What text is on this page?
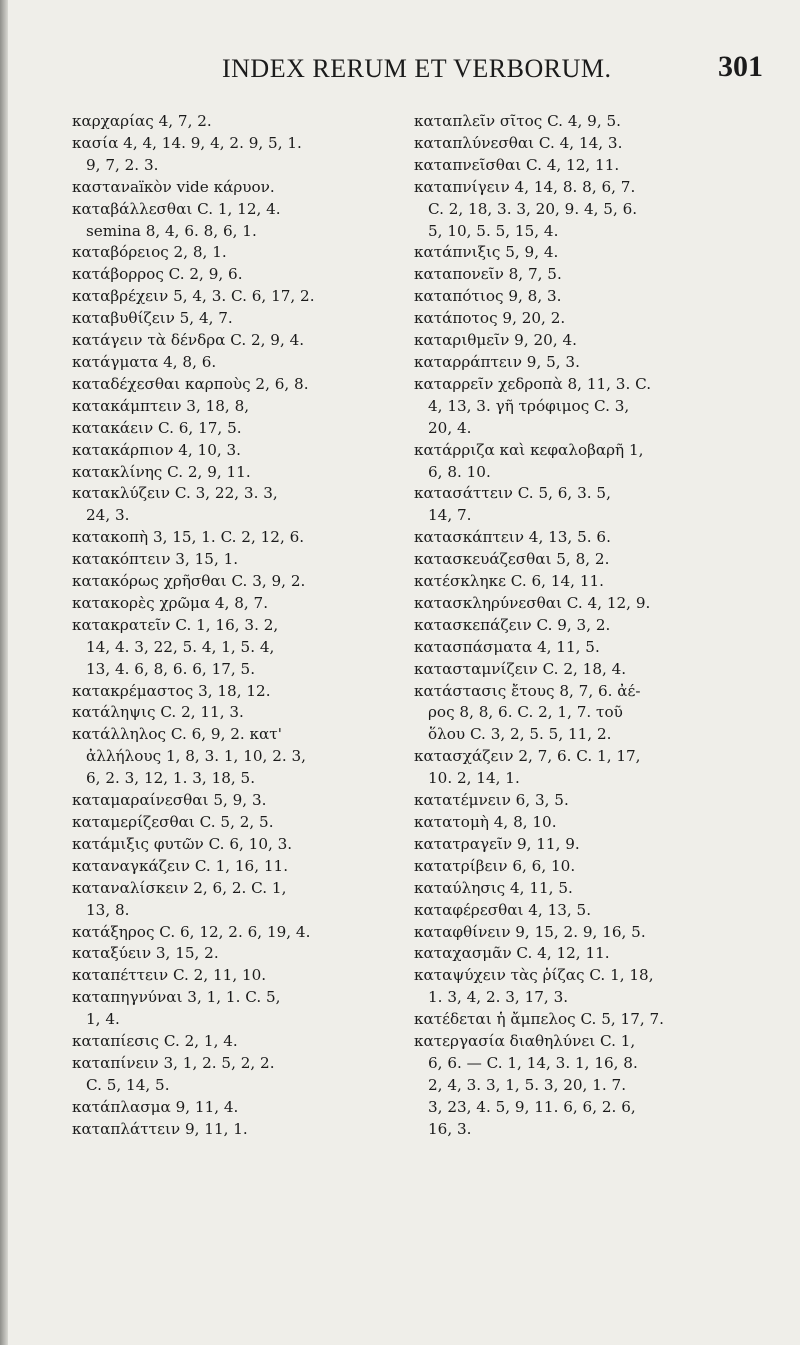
INDEX RERUM ET VERBORUM.	301
καρχαρίας 4, 7, 2.
κασία 4, 4, 14. 9, 4, 2. 9, 5, 1.
9, 7, 2. 3.
καστανaïκὸν vide κάρυον.
καταβάλλεσθαι C. 1, 12, 4.
semina 8, 4, 6. 8, 6, 1.
καταβόρειος 2, 8, 1.
κατάβορρος C. 2, 9, 6.
καταβρέχειν 5, 4, 3. C. 6, 17, 2.
καταβυθίζειν 5, 4, 7.
κατάγειν τὰ δένδρα C. 2, 9, 4.
κατάγματα 4, 8, 6.
καταδέχεσθαι καρποὺς 2, 6, 8.
κατακάμπτειν 3, 18, 8,
κατακάειν C. 6, 17, 5.
κατακάρπιον 4, 10, 3.
κατακλίνης C. 2, 9, 11.
κατακλύζειν C. 3, 22, 3. 3,
24, 3.
κατακοπὴ 3, 15, 1. C. 2, 12, 6.
κατακόπτειν 3, 15, 1.
κατακόρως χρῆσθαι C. 3, 9, 2.
κατακορὲς χρῶμα 4, 8, 7.
κατακρατεῖν C. 1, 16, 3. 2,
14, 4. 3, 22, 5. 4, 1, 5. 4,
13, 4. 6, 8, 6. 6, 17, 5.
κατακρέμαστος 3, 18, 12.
κατάληψις C. 2, 11, 3.
κατάλληλος C. 6, 9, 2. κατ'
ἀλλήλους 1, 8, 3. 1, 10, 2. 3,
6, 2. 3, 12, 1. 3, 18, 5.
καταμαραίνεσθαι 5, 9, 3.
καταμερίζεσθαι C. 5, 2, 5.
κατάμιξις φυτῶν C. 6, 10, 3.
καταναγκάζειν C. 1, 16, 11.
καταναλίσκειν 2, 6, 2. C. 1,
13, 8.
κατάξηρος C. 6, 12, 2. 6, 19, 4.
καταξύειν 3, 15, 2.
καταπέττειν C. 2, 11, 10.
καταπηγνύναι 3, 1, 1. C. 5,
1, 4.
καταπίεσις C. 2, 1, 4.
καταπίνειν 3, 1, 2. 5, 2, 2.
C. 5, 14, 5.
κατάπλασμα 9, 11, 4.
καταπλάττειν 9, 11, 1.
καταπλεῖν σῖτος C. 4, 9, 5.
καταπλύνεσθαι C. 4, 14, 3.
καταπνεῖσθαι C. 4, 12, 11.
καταπνίγειν 4, 14, 8. 8, 6, 7.
C. 2, 18, 3. 3, 20, 9. 4, 5, 6.
5, 10, 5. 5, 15, 4.
κατάπνιξις 5, 9, 4.
καταπονεῖν 8, 7, 5.
καταπότιος 9, 8, 3.
κατάποτος 9, 20, 2.
καταριθμεῖν 9, 20, 4.
καταρράπτειν 9, 5, 3.
καταρρεῖν χεδροπὰ 8, 11, 3. C.
4, 13, 3. γῆ τρόφιμος C. 3,
20, 4.
κατάρριζα καὶ κεφαλοβαρῆ 1,
6, 8. 10.
κατασάττειν C. 5, 6, 3. 5,
14, 7.
κατασκάπτειν 4, 13, 5. 6.
κατασκευάζεσθαι 5, 8, 2.
κατέσκληκε C. 6, 14, 11.
κατασκληρύνεσθαι C. 4, 12, 9.
κατασκεπάζειν C. 9, 3, 2.
κατασπάσματα 4, 11, 5.
κατασταμνίζειν C. 2, 18, 4.
κατάστασις ἔτους 8, 7, 6. ἀέ-
ρος 8, 8, 6. C. 2, 1, 7. τοῦ
ὅλου C. 3, 2, 5. 5, 11, 2.
κατασχάζειν 2, 7, 6. C. 1, 17,
10. 2, 14, 1.
κατατέμνειν 6, 3, 5.
κατατομὴ 4, 8, 10.
κατατραγεῖν 9, 11, 9.
κατατρίβειν 6, 6, 10.
καταύλησις 4, 11, 5.
καταφέρεσθαι 4, 13, 5.
καταφθίνειν 9, 15, 2. 9, 16, 5.
καταχασμᾶν C. 4, 12, 11.
καταψύχειν τὰς ῥίζας C. 1, 18,
1. 3, 4, 2. 3, 17, 3.
κατέδεται ἡ ἄμπελος C. 5, 17, 7.
κατεργασία διαθηλύνει C. 1,
6, 6. — C. 1, 14, 3. 1, 16, 8.
2, 4, 3. 3, 1, 5. 3, 20, 1. 7.
3, 23, 4. 5, 9, 11. 6, 6, 2. 6,
16, 3.
